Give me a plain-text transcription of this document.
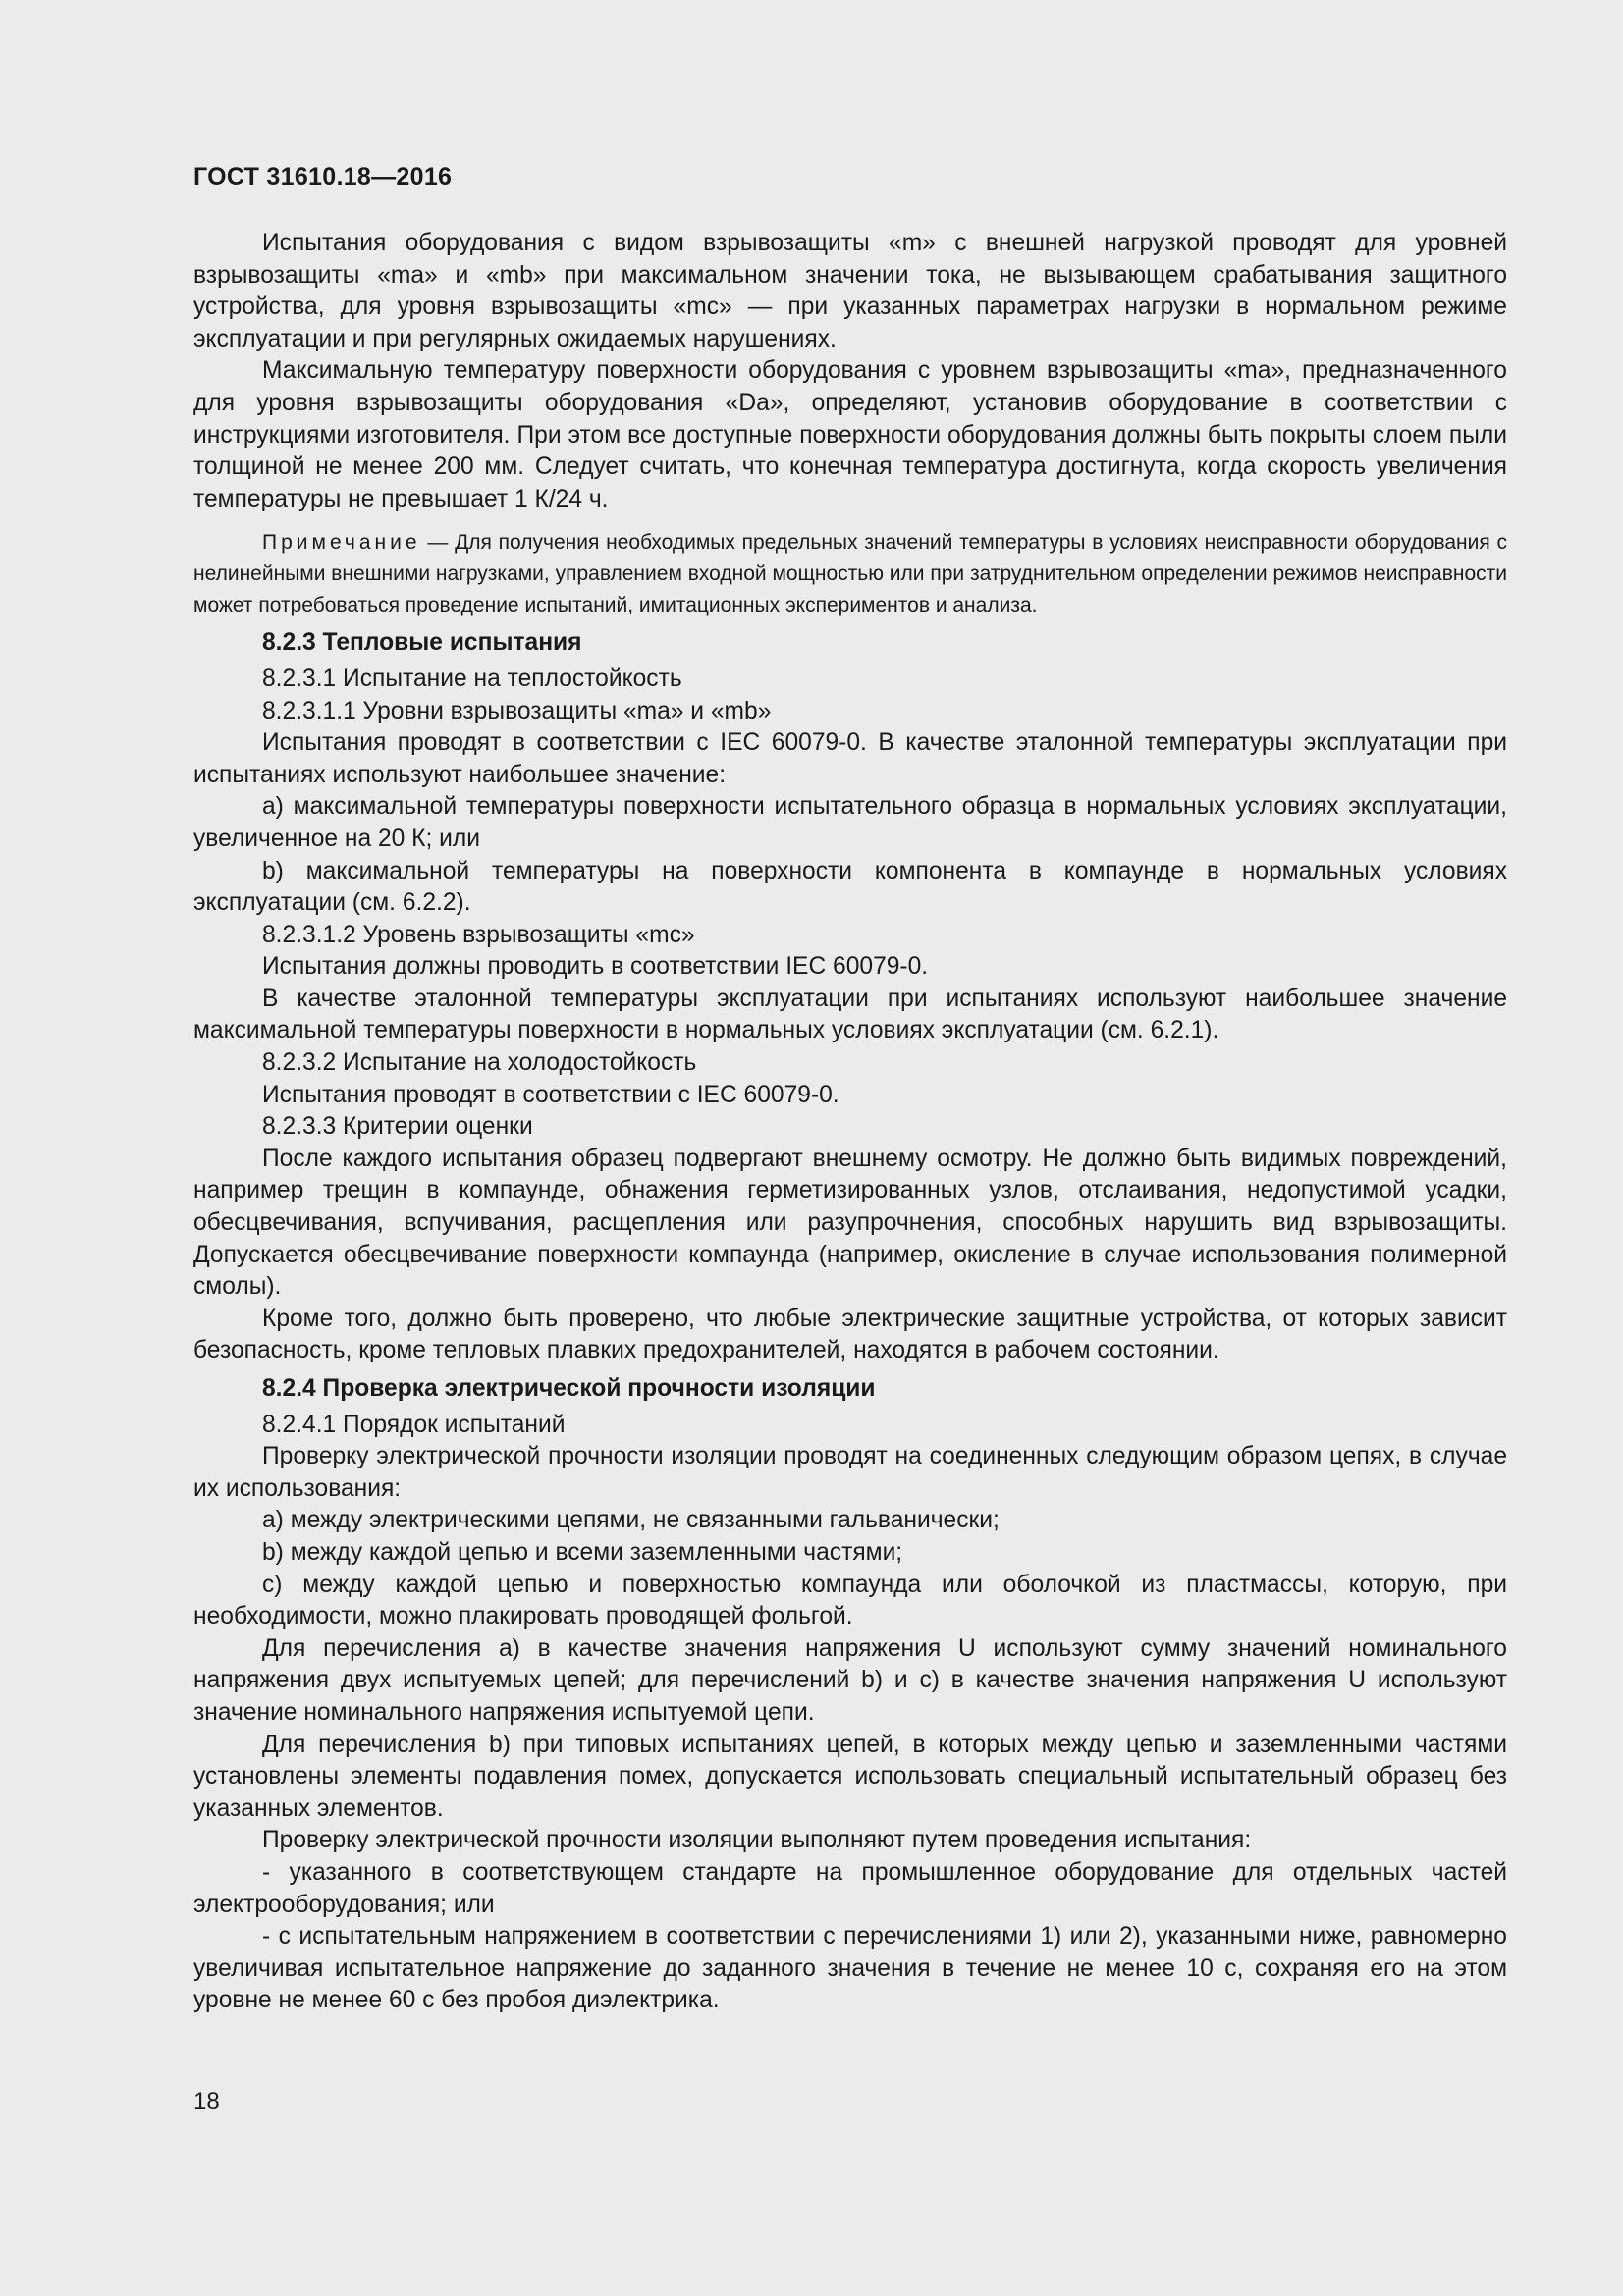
ГОСТ 31610.18—2016

Испытания оборудования с видом взрывозащиты «m» с внешней нагрузкой проводят для уровней взрывозащиты «ma» и «mb» при максимальном значении тока, не вызывающем срабатывания защитного устройства, для уровня взрывозащиты «mc» — при указанных параметрах нагрузки в нормальном режиме эксплуатации и при регулярных ожидаемых нарушениях.

Максимальную температуру поверхности оборудования с уровнем взрывозащиты «ma», предназначенного для уровня взрывозащиты оборудования «Da», определяют, установив оборудование в соответствии с инструкциями изготовителя. При этом все доступные поверхности оборудования должны быть покрыты слоем пыли толщиной не менее 200 мм. Следует считать, что конечная температура достигнута, когда скорость увеличения температуры не превышает 1 К/24 ч.

Примечание — Для получения необходимых предельных значений температуры в условиях неисправности оборудования с нелинейными внешними нагрузками, управлением входной мощностью или при затруднительном определении режимов неисправности может потребоваться проведение испытаний, имитационных экспериментов и анализа.

8.2.3 Тепловые испытания

8.2.3.1 Испытание на теплостойкость

8.2.3.1.1 Уровни взрывозащиты «ma» и «mb»

Испытания проводят в соответствии с IEC 60079-0. В качестве эталонной температуры эксплуатации при испытаниях используют наибольшее значение:

a) максимальной температуры поверхности испытательного образца в нормальных условиях эксплуатации, увеличенное на 20 К; или

b) максимальной температуры на поверхности компонента в компаунде в нормальных условиях эксплуатации (см. 6.2.2).

8.2.3.1.2 Уровень взрывозащиты «mc»

Испытания должны проводить в соответствии IEC 60079-0.

В качестве эталонной температуры эксплуатации при испытаниях используют наибольшее значение максимальной температуры поверхности в нормальных условиях эксплуатации (см. 6.2.1).

8.2.3.2 Испытание на холодостойкость

Испытания проводят в соответствии с IEC 60079-0.

8.2.3.3 Критерии оценки

После каждого испытания образец подвергают внешнему осмотру. Не должно быть видимых повреждений, например трещин в компаунде, обнажения герметизированных узлов, отслаивания, недопустимой усадки, обесцвечивания, вспучивания, расщепления или разупрочнения, способных нарушить вид взрывозащиты. Допускается обесцвечивание поверхности компаунда (например, окисление в случае использования полимерной смолы).

Кроме того, должно быть проверено, что любые электрические защитные устройства, от которых зависит безопасность, кроме тепловых плавких предохранителей, находятся в рабочем состоянии.

8.2.4 Проверка электрической прочности изоляции

8.2.4.1 Порядок испытаний

Проверку электрической прочности изоляции проводят на соединенных следующим образом цепях, в случае их использования:

a) между электрическими цепями, не связанными гальванически;

b) между каждой цепью и всеми заземленными частями;

c) между каждой цепью и поверхностью компаунда или оболочкой из пластмассы, которую, при необходимости, можно плакировать проводящей фольгой.

Для перечисления a) в качестве значения напряжения U используют сумму значений номинального напряжения двух испытуемых цепей; для перечислений b) и c) в качестве значения напряжения U используют значение номинального напряжения испытуемой цепи.

Для перечисления b) при типовых испытаниях цепей, в которых между цепью и заземленными частями установлены элементы подавления помех, допускается использовать специальный испытательный образец без указанных элементов.

Проверку электрической прочности изоляции выполняют путем проведения испытания:

- указанного в соответствующем стандарте на промышленное оборудование для отдельных частей электрооборудования; или

- с испытательным напряжением в соответствии с перечислениями 1) или 2), указанными ниже, равномерно увеличивая испытательное напряжение до заданного значения в течение не менее 10 с, сохраняя его на этом уровне не менее 60 с без пробоя диэлектрика.

18
